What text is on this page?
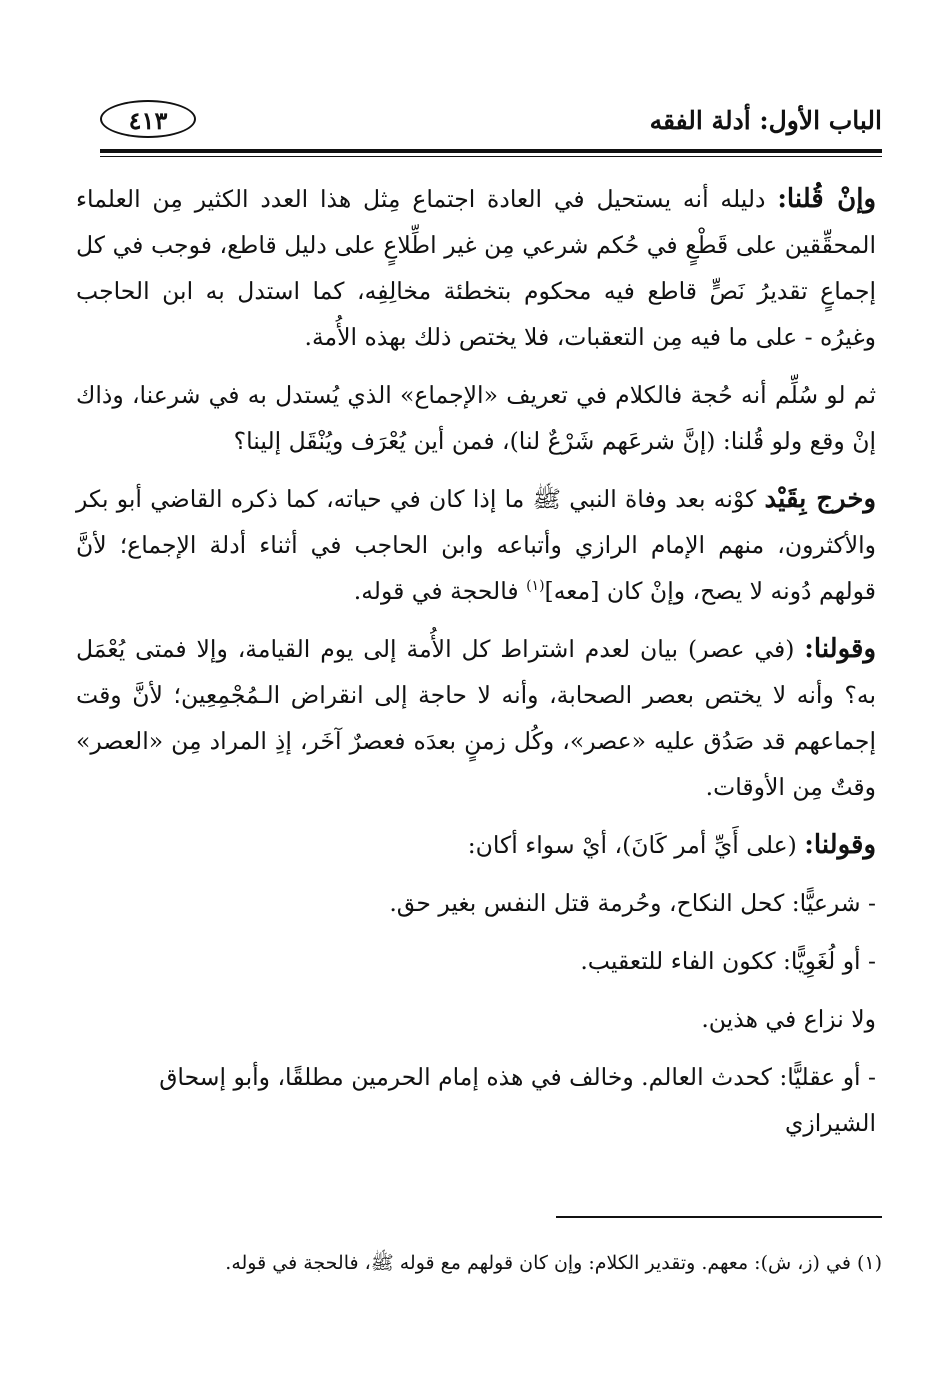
الباب الأول: أدلة الفقه
٤١٣

وإنْ قُلنا: دليله أنه يستحيل في العادة اجتماع مِثل هذا العدد الكثير مِن العلماء المحقِّقين على قَطْعٍ في حُكم شرعي مِن غير اطِّلاعٍ على دليل قاطع، فوجب في كل إجماعٍ تقديرُ نَصٍّ قاطع فيه محكوم بتخطئة مخالِفِه، كما استدل به ابن الحاجب وغيرُه - على ما فيه مِن التعقبات، فلا يختص ذلك بهذه الأُمة.

ثم لو سُلِّم أنه حُجة فالكلام في تعريف «الإجماع» الذي يُستدل به في شرعنا، وذاك إنْ وقع ولو قُلنا: (إنَّ شرعَهم شَرْعٌ لنا)، فمن أين يُعْرَف ويُنْقَل إلينا؟

وخرج بِقَيْد كوْنه بعد وفاة النبي ﷺ ما إذا كان في حياته، كما ذكره القاضي أبو بكر والأكثرون، منهم الإمام الرازي وأتباعه وابن الحاجب في أثناء أدلة الإجماع؛ لأنَّ قولهم دُونه لا يصح، وإنْ كان [معه]$^{(١)}$ فالحجة في قوله.

وقولنا: (في عصر) بيان لعدم اشتراط كل الأُمة إلى يوم القيامة، وإلا فمتى يُعْمَل به؟ وأنه لا يختص بعصر الصحابة، وأنه لا حاجة إلى انقراض الـمُجْمِعِين؛ لأنَّ وقت إجماعهم قد صَدُق عليه «عصر»، وكُل زمنٍ بعدَه فعصرٌ آخَر، إذِ المراد مِن «العصر» وقتٌ مِن الأوقات.

وقولنا: (على أَيِّ أمر كَانَ)، أيْ سواء أكان:

- شرعيًّا: كحل النكاح، وحُرمة قتل النفس بغير حق.

- أو لُغَوِيًّا: ككون الفاء للتعقيب.

ولا نزاع في هذين.

- أو عقليًّا: كحدث العالم. وخالف في هذه إمام الحرمين مطلقًا، وأبو إسحاق الشيرازي

(١) في (ز، ش): معهم. وتقدير الكلام: وإن كان قولهم مع قوله ﷺ، فالحجة في قوله.
